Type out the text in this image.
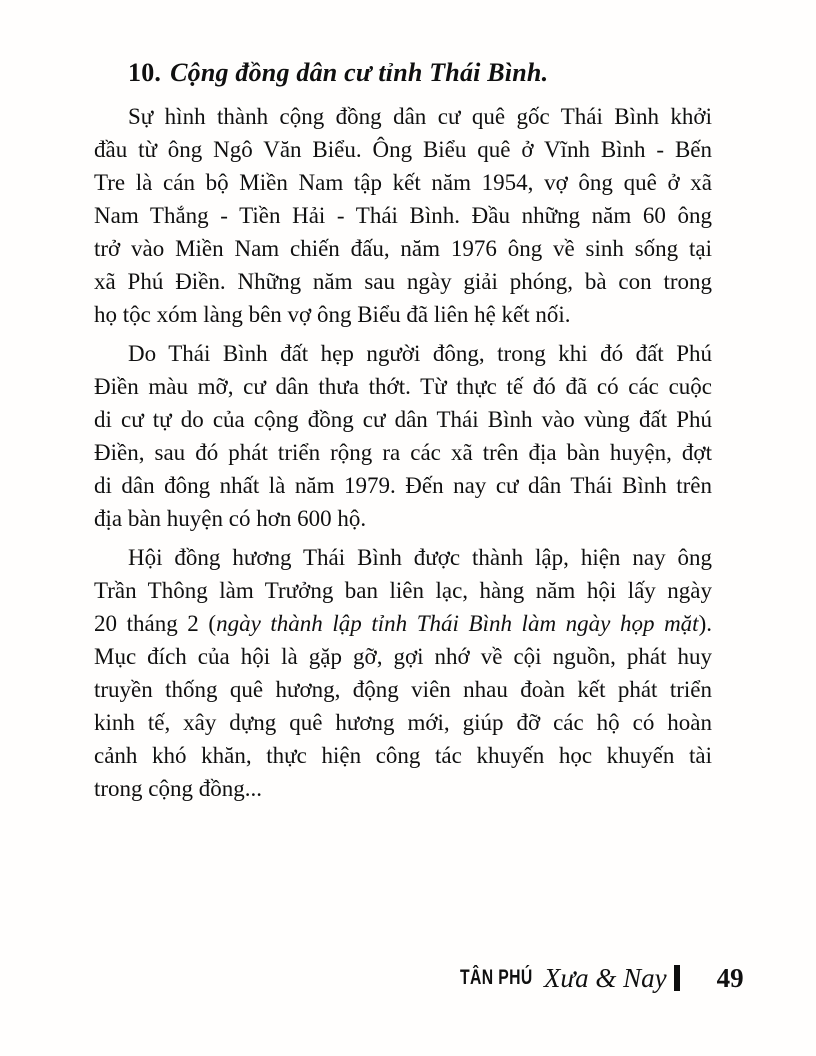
10. Cộng đồng dân cư tỉnh Thái Bình.
Sự hình thành cộng đồng dân cư quê gốc Thái Bình khởi
đầu từ ông Ngô Văn Biểu. Ông Biểu quê ở Vĩnh Bình - Bến
Tre là cán bộ Miền Nam tập kết năm 1954, vợ ông quê ở xã
Nam Thắng - Tiền Hải - Thái Bình. Đầu những năm 60 ông
trở vào Miền Nam chiến đấu, năm 1976 ông về sinh sống tại
xã Phú Điền. Những năm sau ngày giải phóng, bà con trong
họ tộc xóm làng bên vợ ông Biểu đã liên hệ kết nối.
Do Thái Bình đất hẹp người đông, trong khi đó đất Phú
Điền màu mỡ, cư dân thưa thớt. Từ thực tế đó đã có các cuộc
di cư tự do của cộng đồng cư dân Thái Bình vào vùng đất Phú
Điền, sau đó phát triển rộng ra các xã trên địa bàn huyện, đợt
di dân đông nhất là năm 1979. Đến nay cư dân Thái Bình trên
địa bàn huyện có hơn 600 hộ.
Hội đồng hương Thái Bình được thành lập, hiện nay ông
Trần Thông làm Trưởng ban liên lạc, hàng năm hội lấy ngày
20 tháng 2 (ngày thành lập tỉnh Thái Bình làm ngày họp mặt).
Mục đích của hội là gặp gỡ, gợi nhớ về cội nguồn, phát huy
truyền thống quê hương, động viên nhau đoàn kết phát triển
kinh tế, xây dựng quê hương mới, giúp đỡ các hộ có hoàn
cảnh khó khăn, thực hiện công tác khuyến học khuyến tài
trong cộng đồng...
TÂN PHÚ Xưa & Nay 49
